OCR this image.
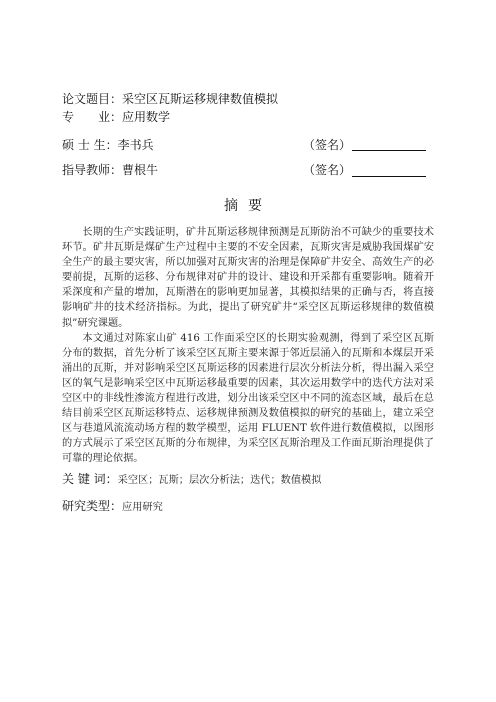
论文题目：采空区瓦斯运移规律数值模拟
专　　业：应用数学
硕 士 生：李书兵	（签名）
指导教师：曹根牛	（签名）
摘要

长期的生产实践证明，矿井瓦斯运移规律预测是瓦斯防治不可缺少的重要技术环节。矿井瓦斯是煤矿生产过程中主要的不安全因素，瓦斯灾害是威胁我国煤矿安全生产的最主要灾害，所以加强对瓦斯灾害的治理是保障矿井安全、高效生产的必要前提，瓦斯的运移、分布规律对矿井的设计、建设和开采都有重要影响。随着开采深度和产量的增加，瓦斯潜在的影响更加显著，其模拟结果的正确与否，将直接影响矿井的技术经济指标。为此，提出了研究矿井“采空区瓦斯运移规律的数值模拟”研究课题。

本文通过对陈家山矿 416 工作面采空区的长期实验观测，得到了采空区瓦斯分布的数据，首先分析了该采空区瓦斯主要来源于邻近层涌入的瓦斯和本煤层开采涌出的瓦斯，并对影响采空区瓦斯运移的因素进行层次分析法分析，得出漏入采空区的氧气是影响采空区中瓦斯运移最重要的因素，其次运用数学中的迭代方法对采空区中的非线性渗流方程进行改进，划分出该采空区中不同的流态区域，最后在总结目前采空区瓦斯运移特点、运移规律预测及数值模拟的研究的基础上，建立采空区与巷道风流流动场方程的数学模型，运用 FLUENT 软件进行数值模拟，以图形的方式展示了采空区瓦斯的分布规律，为采空区瓦斯治理及工作面瓦斯治理提供了可靠的理论依据。

关 键 词：采空区；瓦斯；层次分析法；迭代；数值模拟
研究类型：应用研究
